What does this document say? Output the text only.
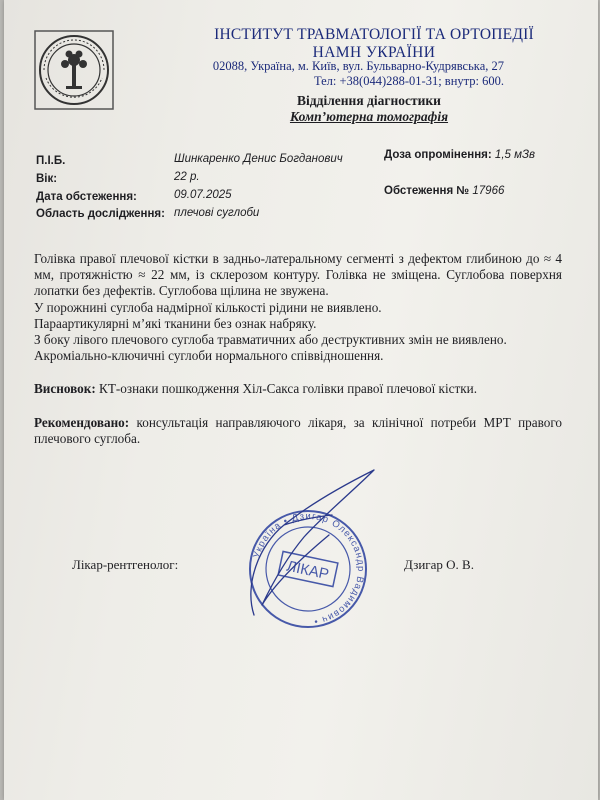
ІНСТИТУТ ТРАВМАТОЛОГІЇ ТА ОРТОПЕДІЇ
НАМН УКРАЇНИ
02088, Україна, м. Київ, вул. Бульварно-Кудрявська, 27
Тел: +38(044)288-01-31; внутр: 600.
Відділення діагностики
Комп’ютерна томографія
П.І.Б.	Шинкаренко Денис Богданович
Вік:	22 р.
Дата обстеження:	09.07.2025
Область дослідження: плечові суглоби
Доза опромінення: 1,5 мЗв
Обстеження № 17966

Голівка правої плечової кістки в задньо-латеральному сегменті з дефектом глибиною до ≈ 4 мм, протяжністю ≈ 22 мм, із склерозом контуру. Голівка не зміщена. Суглобова поверхня лопатки без дефектів. Суглобова щілина не звужена.

У порожнині суглоба надмірної кількості рідини не виявлено.

Параартикулярні м’які тканини без ознак набряку.

З боку лівого плечового суглоба травматичних або деструктивних змін не виявлено.

Акроміально-ключичні суглоби нормального співвідношення.

Висновок: КТ-ознаки пошкодження Хіл-Сакса голівки правої плечової кістки.

Рекомендовано: консультація направляючого лікаря, за клінічної потреби МРТ правого плечового суглоба.

Лікар-рентгенолог:	Дзигар О. В.
Україна • Дзигар Олександр Вадимович •
ЛІКАР
